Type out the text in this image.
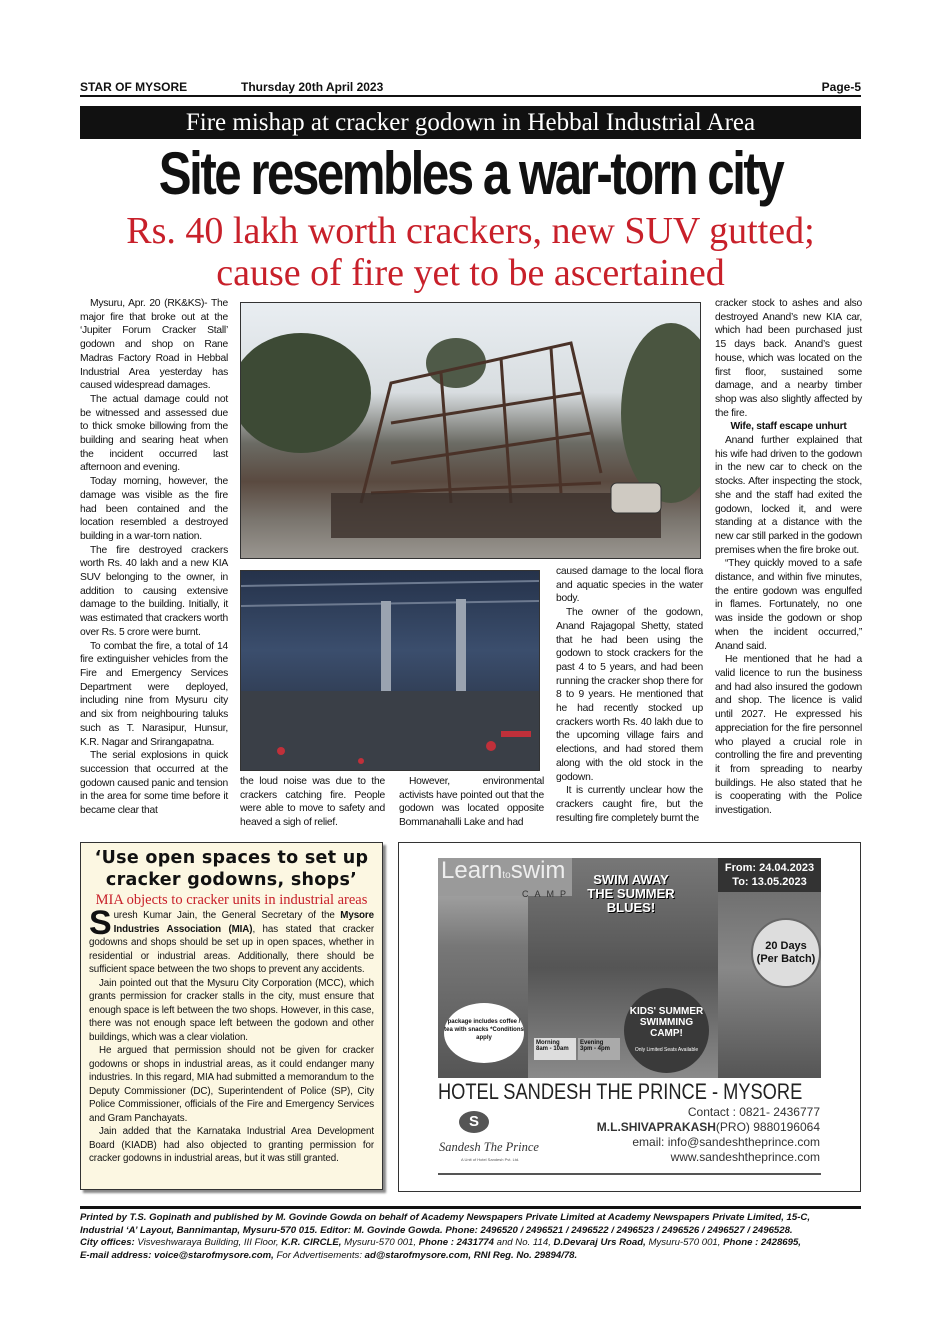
STAR OF MYSORE	Thursday 20th April 2023	Page-5
Fire mishap at cracker godown in Hebbal Industrial Area
Site resembles a war-torn city
Rs. 40 lakh worth crackers, new SUV gutted;
cause of fire yet to be ascertained

Mysuru, Apr. 20 (RK&KS)- The major fire that broke out at the ‘Jupiter Forum Cracker Stall’ godown and shop on Rane Madras Factory Road in Hebbal Industrial Area yesterday has caused widespread damages.

The actual damage could not be witnessed and assessed due to thick smoke billowing from the building and searing heat when the incident occurred last afternoon and evening.

Today morning, however, the damage was visible as the fire had been contained and the location resembled a destroyed building in a war-torn nation.

The fire destroyed crackers worth Rs. 40 lakh and a new KIA SUV belonging to the owner, in addition to causing extensive damage to the building. Initially, it was estimated that crackers worth over Rs. 5 crore were burnt.

To combat the fire, a total of 14 fire extinguisher vehicles from the Fire and Emergency Services Department were deployed, including nine from Mysuru city and six from neighbouring taluks such as T. Narasipur, Hunsur, K.R. Nagar and Srirangapatna.

The serial explosions in quick succession that occurred at the godown caused panic and tension in the area for some time before it became clear that

the loud noise was due to the crackers catching fire. People were able to move to safety and heaved a sigh of relief.

However, environmental activists have pointed out that the godown was located opposite Bommanahalli Lake and had

caused damage to the local flora and aquatic species in the water body.

The owner of the godown, Anand Rajagopal Shetty, stated that he had been using the godown to stock crackers for the past 4 to 5 years, and had been running the cracker shop there for 8 to 9 years. He mentioned that he had recently stocked up crackers worth Rs. 40 lakh due to the upcoming village fairs and elections, and had stored them along with the old stock in the godown.

It is currently unclear how the crackers caught fire, but the resulting fire completely burnt the

cracker stock to ashes and also destroyed Anand’s new KIA car, which had been purchased just 15 days back. Anand’s guest house, which was located on the first floor, sustained some damage, and a nearby timber shop was also slightly affected by the fire.

Wife, staff escape unhurt

Anand further explained that his wife had driven to the godown in the new car to check on the stocks. After inspecting the stock, she and the staff had exited the godown, locked it, and were standing at a distance with the new car still parked in the godown premises when the fire broke out.

“They quickly moved to a safe distance, and within five minutes, the entire godown was engulfed in flames. Fortunately, no one was inside the godown or shop when the incident occurred,” Anand said.

He mentioned that he had a valid licence to run the business and had also insured the godown and shop. The licence is valid until 2027. He expressed his appreciation for the fire personnel who played a crucial role in controlling the fire and preventing it from spreading to nearby buildings. He also stated that he is cooperating with the Police investigation.

‘Use open spaces to set up cracker godowns, shops’
MIA objects to cracker units in industrial areas

Suresh Kumar Jain, the General Secretary of the Mysore Industries Association (MIA), has stated that cracker godowns and shops should be set up in open spaces, whether in residential or industrial areas. Additionally, there should be sufficient space between the two shops to prevent any accidents.

Jain pointed out that the Mysuru City Corporation (MCC), which grants permission for cracker stalls in the city, must ensure that enough space is left between the two shops. However, in this case, there was not enough space left between the godown and other buildings, which was a clear violation.

He argued that permission should not be given for cracker godowns or shops in industrial areas, as it could endanger many industries. In this regard, MIA had submitted a memorandum to the Deputy Commissioner (DC), Superintendent of Police (SP), City Police Commissioner, officials of the Fire and Emergency Services and Gram Panchayats.

Jain added that the Karnataka Industrial Area Development Board (KIADB) had also objected to granting permission for cracker godowns in industrial areas, but it was still granted.

Learntoswim
CAMP
SWIM AWAY THE SUMMER BLUES!
package includes coffee / tea with snacks *Conditions apply
KIDS' SUMMER SWIMMING CAMP!
Only Limited Seats Available
Morning
8am - 10am
Evening
3pm - 4pm
From: 24.04.2023
To: 13.05.2023
20 Days (Per Batch)
HOTEL SANDESH THE PRINCE - MYSORE
S
Sandesh The Prince
A Unit of Hotel Sandesh Pvt. Ltd.
Contact : 0821- 2436777
M.L.SHIVAPRAKASH(PRO) 9880196064
email: info@sandeshtheprince.com
www.sandeshtheprince.com
Printed by T.S. Gopinath and published by M. Govinde Gowda on behalf of Academy Newspapers Private Limited at Academy Newspapers Private Limited, 15-C,
Industrial ‘A’ Layout, Bannimantap, Mysuru-570 015. Editor: M. Govinde Gowda. Phone: 2496520 / 2496521 / 2496522 / 2496523 / 2496526 / 2496527 / 2496528.
City offices: Visveshwaraya Building, III Floor, K.R. CIRCLE, Mysuru-570 001, Phone : 2431774 and No. 114, D.Devaraj Urs Road, Mysuru-570 001, Phone : 2428695,
E-mail address: voice@starofmysore.com, For Advertisements: ad@starofmysore.com, RNI Reg. No. 29894/78.
